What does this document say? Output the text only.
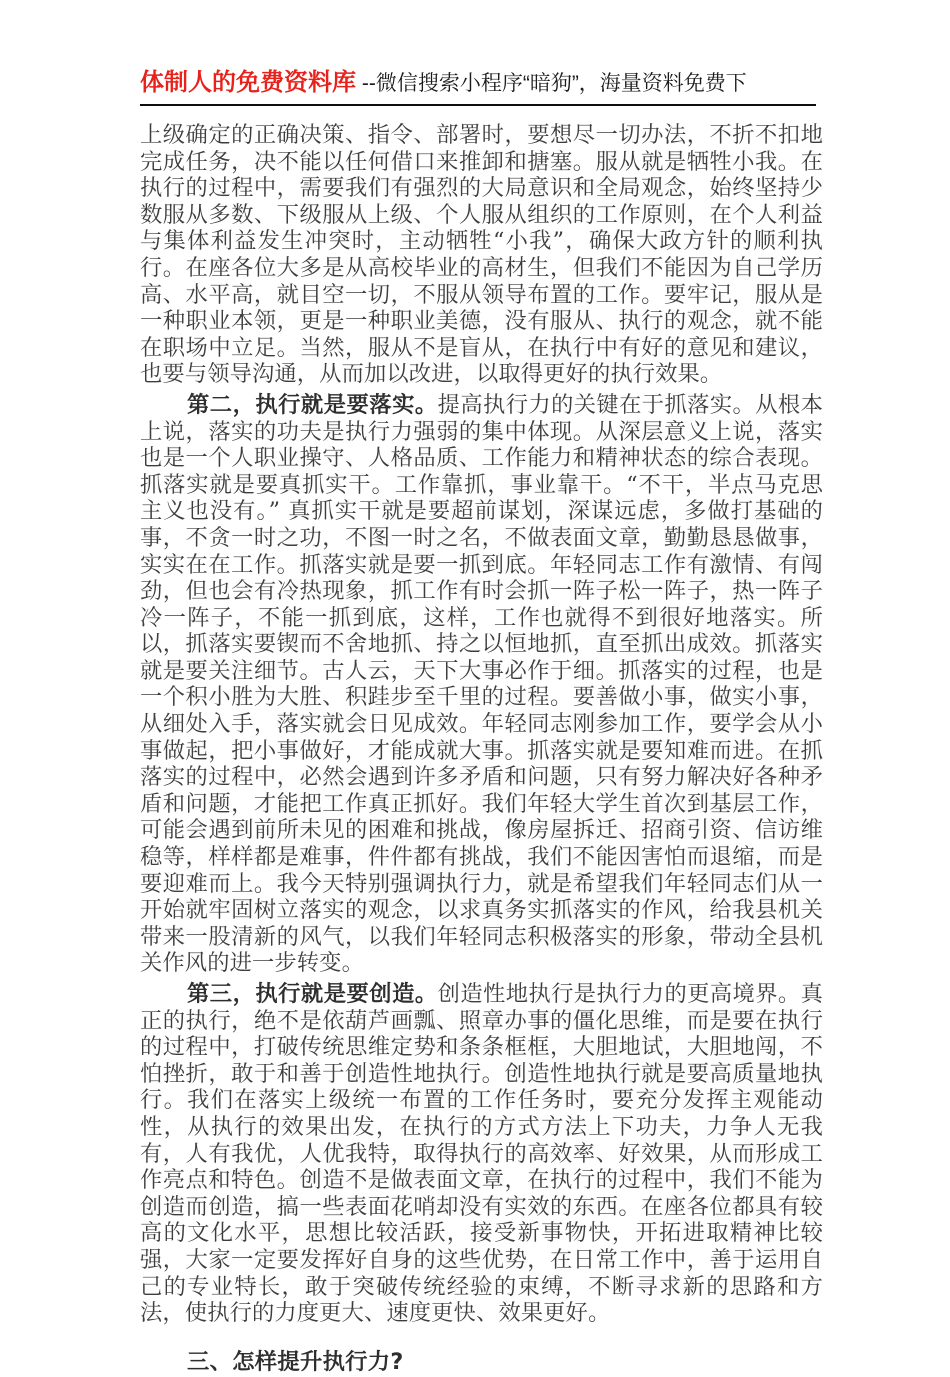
体制人的免费资料库 --微信搜索小程序“暗狗”，海量资料免费下

上级确定的正确决策、指令、部署时，要想尽一切办法，不折不扣地完成任务，决不能以任何借口来推卸和搪塞。服从就是牺牲小我。在执行的过程中，需要我们有强烈的大局意识和全局观念，始终坚持少数服从多数、下级服从上级、个人服从组织的工作原则，在个人利益与集体利益发生冲突时，主动牺牲“小我”，确保大政方针的顺利执行。在座各位大多是从高校毕业的高材生，但我们不能因为自己学历高、水平高，就目空一切，不服从领导布置的工作。要牢记，服从是一种职业本领，更是一种职业美德，没有服从、执行的观念，就不能在职场中立足。当然，服从不是盲从，在执行中有好的意见和建议，也要与领导沟通，从而加以改进，以取得更好的执行效果。

第二，执行就是要落实。提高执行力的关键在于抓落实。从根本上说，落实的功夫是执行力强弱的集中体现。从深层意义上说，落实也是一个人职业操守、人格品质、工作能力和精神状态的综合表现。抓落实就是要真抓实干。工作靠抓，事业靠干。“不干，半点马克思主义也没有。” 真抓实干就是要超前谋划，深谋远虑，多做打基础的事，不贪一时之功，不图一时之名，不做表面文章，勤勤恳恳做事，实实在在工作。抓落实就是要一抓到底。年轻同志工作有激情、有闯劲，但也会有冷热现象，抓工作有时会抓一阵子松一阵子，热一阵子冷一阵子，不能一抓到底，这样，工作也就得不到很好地落实。所以，抓落实要锲而不舍地抓、持之以恒地抓，直至抓出成效。抓落实就是要关注细节。古人云，天下大事必作于细。抓落实的过程，也是一个积小胜为大胜、积跬步至千里的过程。要善做小事，做实小事，从细处入手，落实就会日见成效。年轻同志刚参加工作，要学会从小事做起，把小事做好，才能成就大事。抓落实就是要知难而进。在抓落实的过程中，必然会遇到许多矛盾和问题，只有努力解决好各种矛盾和问题，才能把工作真正抓好。我们年轻大学生首次到基层工作，可能会遇到前所未见的困难和挑战，像房屋拆迁、招商引资、信访维稳等，样样都是难事，件件都有挑战，我们不能因害怕而退缩，而是要迎难而上。我今天特别强调执行力，就是希望我们年轻同志们从一开始就牢固树立落实的观念，以求真务实抓落实的作风，给我县机关带来一股清新的风气，以我们年轻同志积极落实的形象，带动全县机关作风的进一步转变。

第三，执行就是要创造。创造性地执行是执行力的更高境界。真正的执行，绝不是依葫芦画瓢、照章办事的僵化思维，而是要在执行的过程中，打破传统思维定势和条条框框，大胆地试，大胆地闯，不怕挫折，敢于和善于创造性地执行。创造性地执行就是要高质量地执行。我们在落实上级统一布置的工作任务时，要充分发挥主观能动性，从执行的效果出发，在执行的方式方法上下功夫，力争人无我有，人有我优，人优我特，取得执行的高效率、好效果，从而形成工作亮点和特色。创造不是做表面文章，在执行的过程中，我们不能为创造而创造，搞一些表面花哨却没有实效的东西。在座各位都具有较高的文化水平，思想比较活跃，接受新事物快，开拓进取精神比较强，大家一定要发挥好自身的这些优势，在日常工作中，善于运用自己的专业特长，敢于突破传统经验的束缚，不断寻求新的思路和方法，使执行的力度更大、速度更快、效果更好。

三、怎样提升执行力?
